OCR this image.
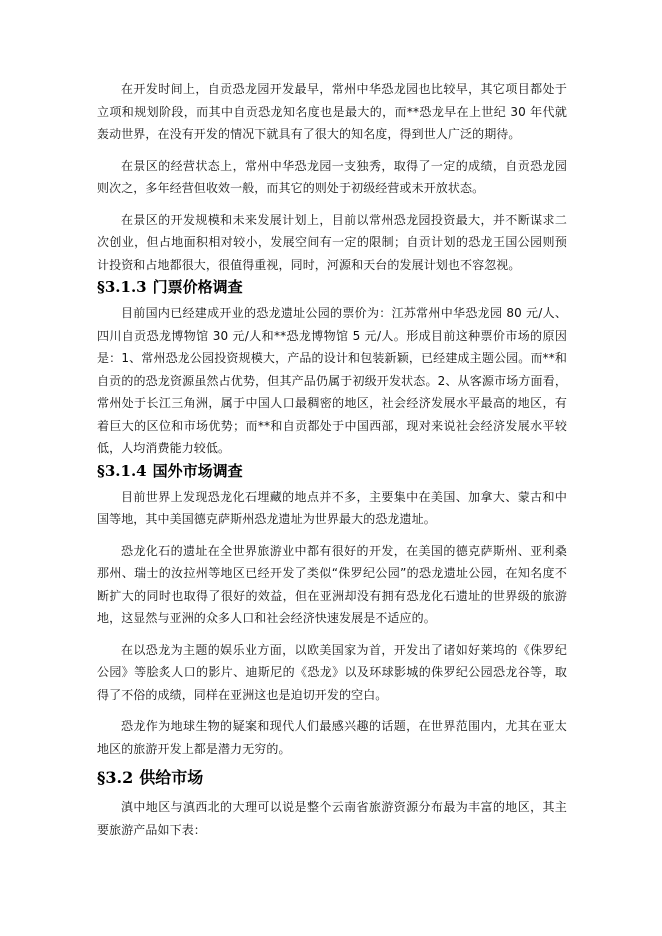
在开发时间上，自贡恐龙园开发最早，常州中华恐龙园也比较早，其它项目都处于立项和规划阶段，而其中自贡恐龙知名度也是最大的，而**恐龙早在上世纪 30 年代就轰动世界，在没有开发的情况下就具有了很大的知名度，得到世人广泛的期待。

在景区的经营状态上，常州中华恐龙园一支独秀，取得了一定的成绩，自贡恐龙园则次之，多年经营但收效一般，而其它的则处于初级经营或未开放状态。

在景区的开发规模和未来发展计划上，目前以常州恐龙园投资最大，并不断谋求二次创业，但占地面积相对较小，发展空间有一定的限制；自贡计划的恐龙王国公园则预计投资和占地都很大，很值得重视，同时，河源和天台的发展计划也不容忽视。

§3.1.3 门票价格调查

目前国内已经建成开业的恐龙遗址公园的票价为：江苏常州中华恐龙园 80 元/人、四川自贡恐龙博物馆 30 元/人和**恐龙博物馆 5 元/人。形成目前这种票价市场的原因是：1、常州恐龙公园投资规模大，产品的设计和包装新颖，已经建成主题公园。而**和自贡的的恐龙资源虽然占优势，但其产品仍属于初级开发状态。2、从客源市场方面看，常州处于长江三角洲，属于中国人口最稠密的地区，社会经济发展水平最高的地区，有着巨大的区位和市场优势；而**和自贡都处于中国西部，现对来说社会经济发展水平较低，人均消费能力较低。

§3.1.4 国外市场调查

目前世界上发现恐龙化石埋藏的地点并不多，主要集中在美国、加拿大、蒙古和中国等地，其中美国德克萨斯州恐龙遗址为世界最大的恐龙遗址。

恐龙化石的遗址在全世界旅游业中都有很好的开发，在美国的德克萨斯州、亚利桑那州、瑞士的汝拉州等地区已经开发了类似“侏罗纪公园”的恐龙遗址公园，在知名度不断扩大的同时也取得了很好的效益，但在亚洲却没有拥有恐龙化石遗址的世界级的旅游地，这显然与亚洲的众多人口和社会经济快速发展是不适应的。

在以恐龙为主题的娱乐业方面，以欧美国家为首，开发出了诸如好莱坞的《侏罗纪公园》等脍炙人口的影片、迪斯尼的《恐龙》以及环球影城的侏罗纪公园恐龙谷等，取得了不俗的成绩，同样在亚洲这也是迫切开发的空白。

恐龙作为地球生物的疑案和现代人们最感兴趣的话题，在世界范围内，尤其在亚太地区的旅游开发上都是潜力无穷的。

§3.2 供给市场

滇中地区与滇西北的大理可以说是整个云南省旅游资源分布最为丰富的地区，其主要旅游产品如下表：
